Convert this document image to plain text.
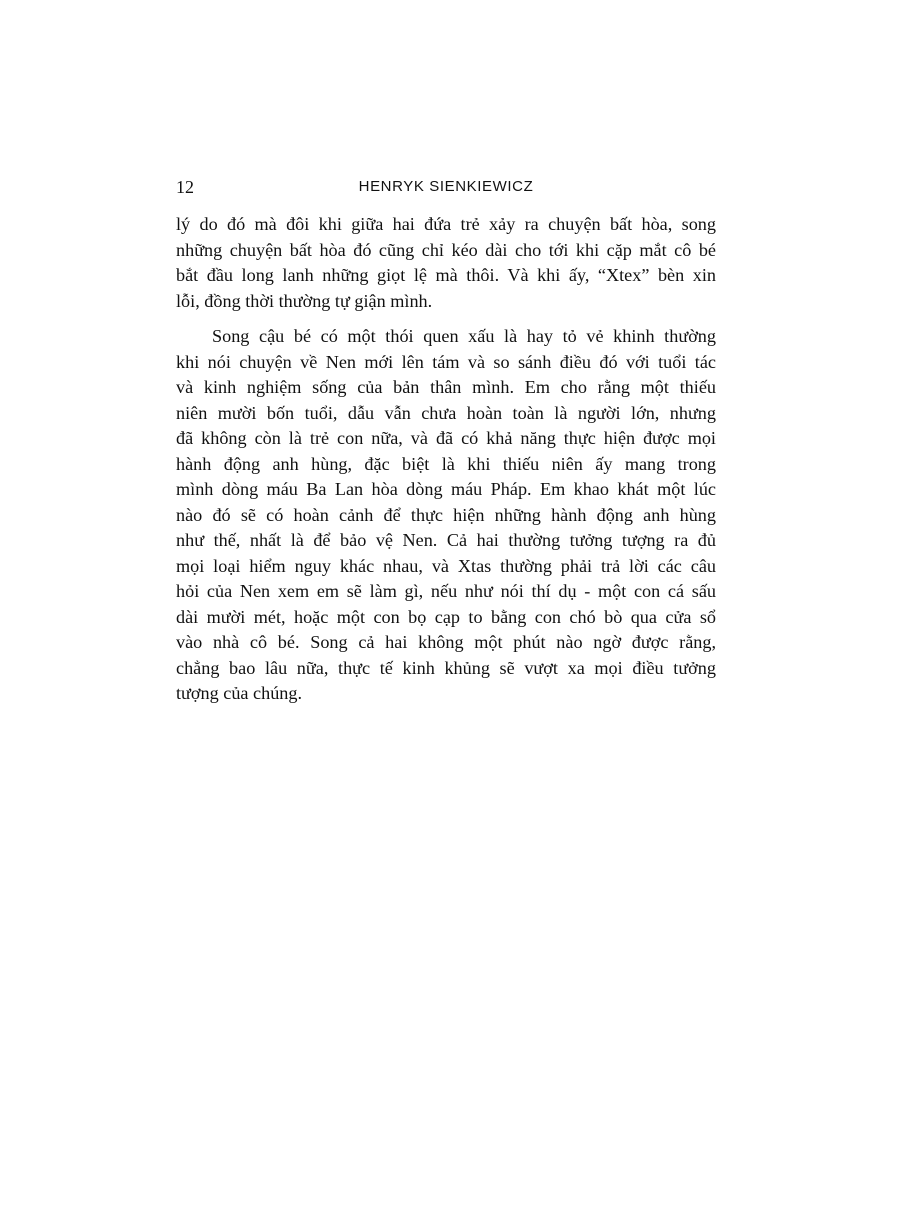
12	HENRYK SIENKIEWICZ
lý do đó mà đôi khi giữa hai đứa trẻ xảy ra chuyện bất hòa, song
những chuyện bất hòa đó cũng chỉ kéo dài cho tới khi cặp mắt cô bé
bắt đầu long lanh những giọt lệ mà thôi. Và khi ấy, “Xtex” bèn xin
lỗi, đồng thời thường tự giận mình.
Song cậu bé có một thói quen xấu là hay tỏ vẻ khinh thường
khi nói chuyện về Nen mới lên tám và so sánh điều đó với tuổi tác
và kinh nghiệm sống của bản thân mình. Em cho rằng một thiếu
niên mười bốn tuổi, dẫu vẫn chưa hoàn toàn là người lớn, nhưng
đã không còn là trẻ con nữa, và đã có khả năng thực hiện được mọi
hành động anh hùng, đặc biệt là khi thiếu niên ấy mang trong
mình dòng máu Ba Lan hòa dòng máu Pháp. Em khao khát một lúc
nào đó sẽ có hoàn cảnh để thực hiện những hành động anh hùng
như thế, nhất là để bảo vệ Nen. Cả hai thường tưởng tượng ra đủ
mọi loại hiểm nguy khác nhau, và Xtas thường phải trả lời các câu
hỏi của Nen xem em sẽ làm gì, nếu như nói thí dụ - một con cá sấu
dài mười mét, hoặc một con bọ cạp to bằng con chó bò qua cửa sổ
vào nhà cô bé. Song cả hai không một phút nào ngờ được rằng,
chẳng bao lâu nữa, thực tế kinh khủng sẽ vượt xa mọi điều tưởng
tượng của chúng.
